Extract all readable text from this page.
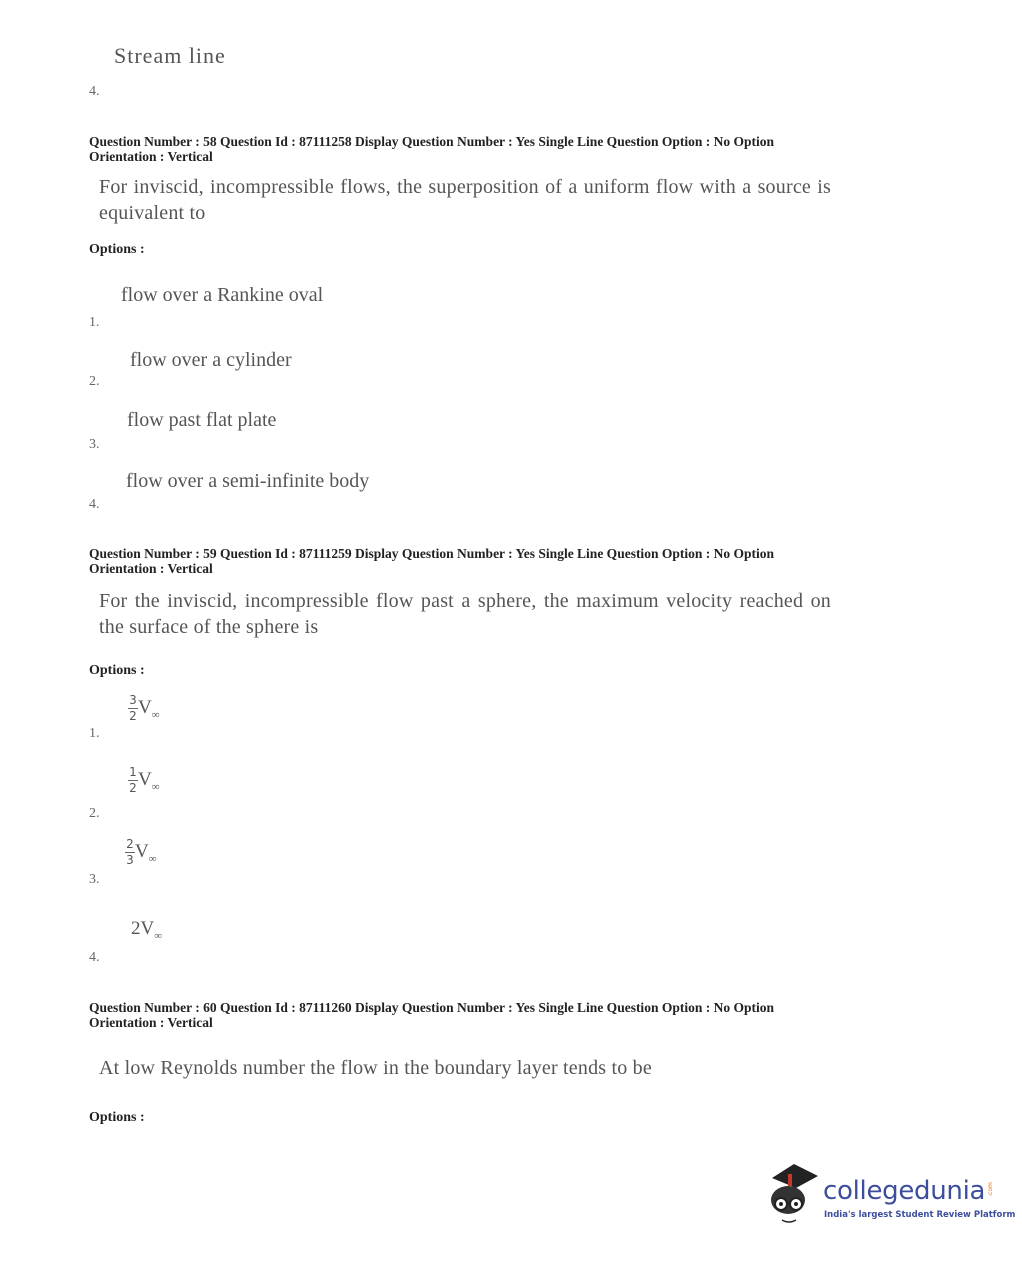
Stream line
4.
Question Number : 58 Question Id : 87111258 Display Question Number : Yes Single Line Question Option : No Option
Orientation : Vertical
For inviscid, incompressible flows, the superposition of a uniform flow with a source is equivalent to
Options :
flow over a Rankine oval
1.
flow over a cylinder
2.
flow past flat plate
3.
flow over a semi-infinite body
4.
Question Number : 59 Question Id : 87111259 Display Question Number : Yes Single Line Question Option : No Option
Orientation : Vertical
For the inviscid, incompressible flow past a sphere, the maximum velocity reached on the surface of the sphere is
Options :
$\frac{3}{2} V_\infty$
1.
$\frac{1}{2} V_\infty$
2.
$\frac{2}{3} V_\infty$
3.
$2V_\infty$
4.
Question Number : 60 Question Id : 87111260 Display Question Number : Yes Single Line Question Option : No Option
Orientation : Vertical
At low Reynolds number the flow in the boundary layer tends to be
Options :
collegedunia .com
India's largest Student Review Platform
